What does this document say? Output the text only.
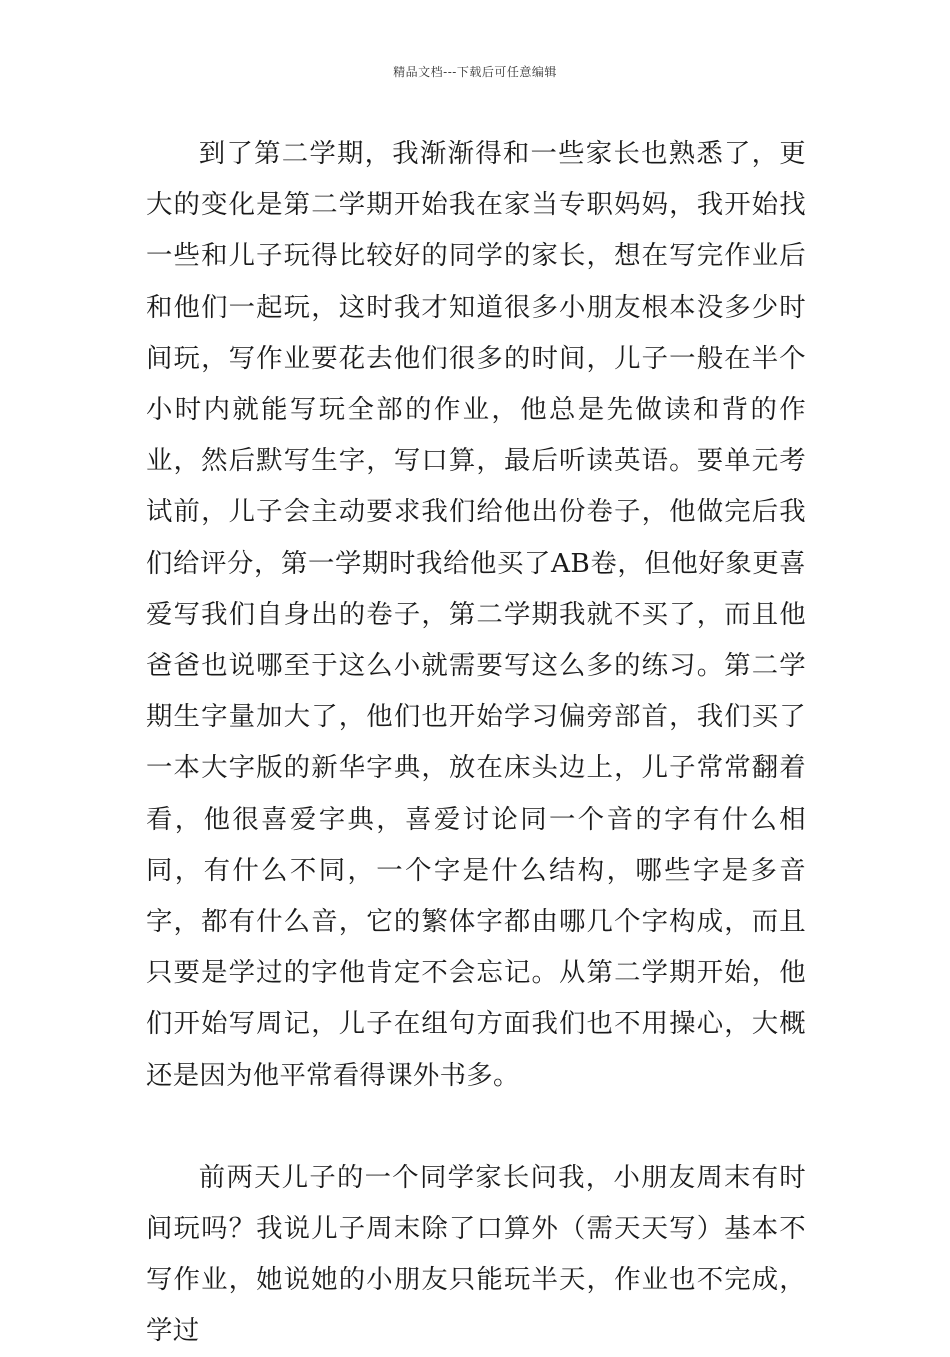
精品文档---下载后可任意编辑

到了第二学期，我渐渐得和一些家长也熟悉了，更大的变化是第二学期开始我在家当专职妈妈，我开始找一些和儿子玩得比较好的同学的家长，想在写完作业后和他们一起玩，这时我才知道很多小朋友根本没多少时间玩，写作业要花去他们很多的时间，儿子一般在半个小时内就能写玩全部的作业，他总是先做读和背的作业，然后默写生字，写口算，最后听读英语。要单元考试前，儿子会主动要求我们给他出份卷子，他做完后我们给评分，第一学期时我给他买了AB卷，但他好象更喜爱写我们自身出的卷子，第二学期我就不买了，而且他爸爸也说哪至于这么小就需要写这么多的练习。第二学期生字量加大了，他们也开始学习偏旁部首，我们买了一本大字版的新华字典，放在床头边上，儿子常常翻着看，他很喜爱字典，喜爱讨论同一个音的字有什么相同，有什么不同，一个字是什么结构，哪些字是多音字，都有什么音，它的繁体字都由哪几个字构成，而且只要是学过的字他肯定不会忘记。从第二学期开始，他们开始写周记，儿子在组句方面我们也不用操心，大概还是因为他平常看得课外书多。

前两天儿子的一个同学家长问我，小朋友周末有时间玩吗？我说儿子周末除了口算外（需天天写）基本不写作业，她说她的小朋友只能玩半天，作业也不完成，学过
